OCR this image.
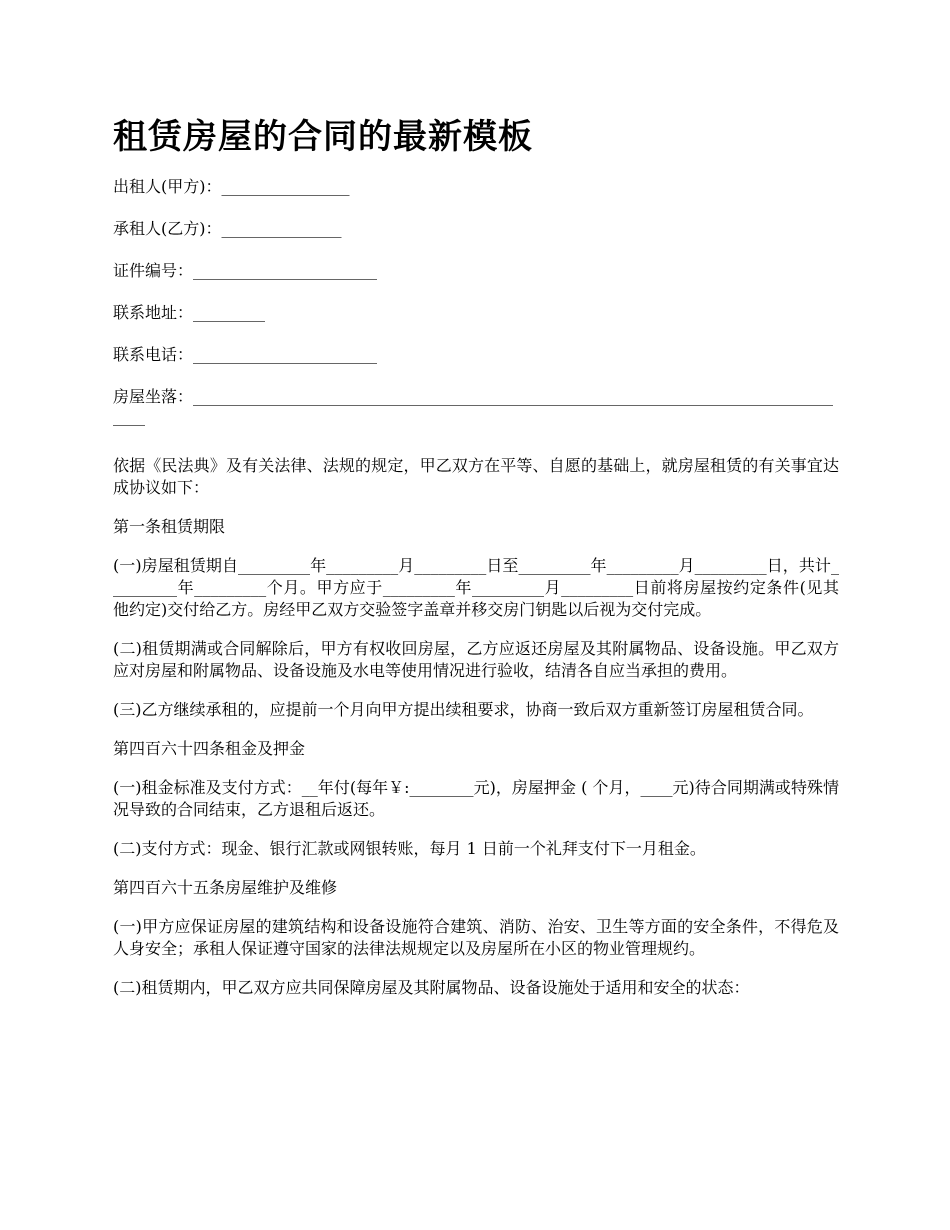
租赁房屋的合同的最新模板

出租人(甲方)：________________

承租人(乙方)：_______________

证件编号：_______________________

联系地址：_________

联系电话：_______________________

房屋坐落：____________________________________________________________________________________

依据《民法典》及有关法律、法规的规定，甲乙双方在平等、自愿的基础上，就房屋租赁的有关事宜达成协议如下：

第一条租赁期限

(一)房屋租赁期自_________年_________月_________日至_________年_________月_________日，共计_________年_________个月。甲方应于_________年_________月_________日前将房屋按约定条件(见其他约定)交付给乙方。房经甲乙双方交验签字盖章并移交房门钥匙以后视为交付完成。

(二)租赁期满或合同解除后，甲方有权收回房屋，乙方应返还房屋及其附属物品、设备设施。甲乙双方应对房屋和附属物品、设备设施及水电等使用情况进行验收，结清各自应当承担的费用。

(三)乙方继续承租的，应提前一个月向甲方提出续租要求，协商一致后双方重新签订房屋租赁合同。

第四百六十四条租金及押金

(一)租金标准及支付方式：__年付(每年￥:________元)，房屋押金 ( 个月，____元)待合同期满或特殊情况导致的合同结束，乙方退租后返还。

(二)支付方式：现金、银行汇款或网银转账，每月 1 日前一个礼拜支付下一月租金。

第四百六十五条房屋维护及维修

(一)甲方应保证房屋的建筑结构和设备设施符合建筑、消防、治安、卫生等方面的安全条件，不得危及人身安全；承租人保证遵守国家的法律法规规定以及房屋所在小区的物业管理规约。

(二)租赁期内，甲乙双方应共同保障房屋及其附属物品、设备设施处于适用和安全的状态：
